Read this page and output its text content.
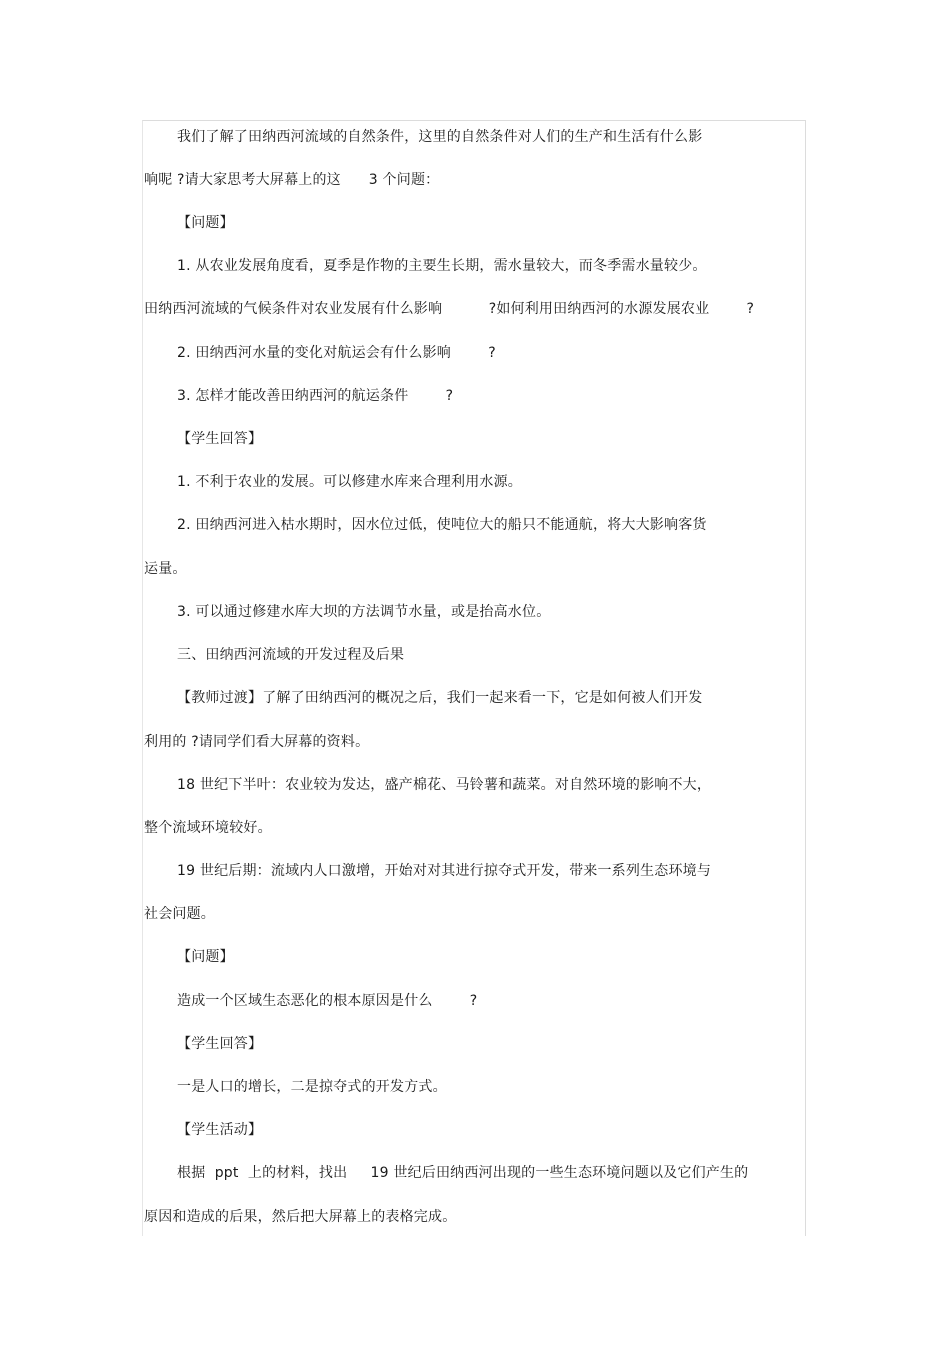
我们了解了田纳西河流域的自然条件，这里的自然条件对人们的生产和生活有什么影
响呢 ?请大家思考大屏幕上的这      3 个问题：
【问题】
1. 从农业发展角度看，夏季是作物的主要生长期，需水量较大，而冬季需水量较少。
田纳西河流域的气候条件对农业发展有什么影响          ?如何利用田纳西河的水源发展农业        ?
2. 田纳西河水量的变化对航运会有什么影响        ?
3. 怎样才能改善田纳西河的航运条件        ?
【学生回答】
1. 不利于农业的发展。可以修建水库来合理利用水源。
2. 田纳西河进入枯水期时，因水位过低，使吨位大的船只不能通航，将大大影响客货
运量。
3. 可以通过修建水库大坝的方法调节水量，或是抬高水位。
三、田纳西河流域的开发过程及后果
【教师过渡】了解了田纳西河的概况之后，我们一起来看一下，它是如何被人们开发
利用的 ?请同学们看大屏幕的资料。
18 世纪下半叶：农业较为发达，盛产棉花、马铃薯和蔬菜。对自然环境的影响不大，
整个流域环境较好。
19 世纪后期：流域内人口激增，开始对对其进行掠夺式开发，带来一系列生态环境与
社会问题。
【问题】
造成一个区域生态恶化的根本原因是什么        ?
【学生回答】
一是人口的增长，二是掠夺式的开发方式。
【学生活动】
根据  ppt  上的材料，找出     19 世纪后田纳西河出现的一些生态环境问题以及它们产生的
原因和造成的后果，然后把大屏幕上的表格完成。
